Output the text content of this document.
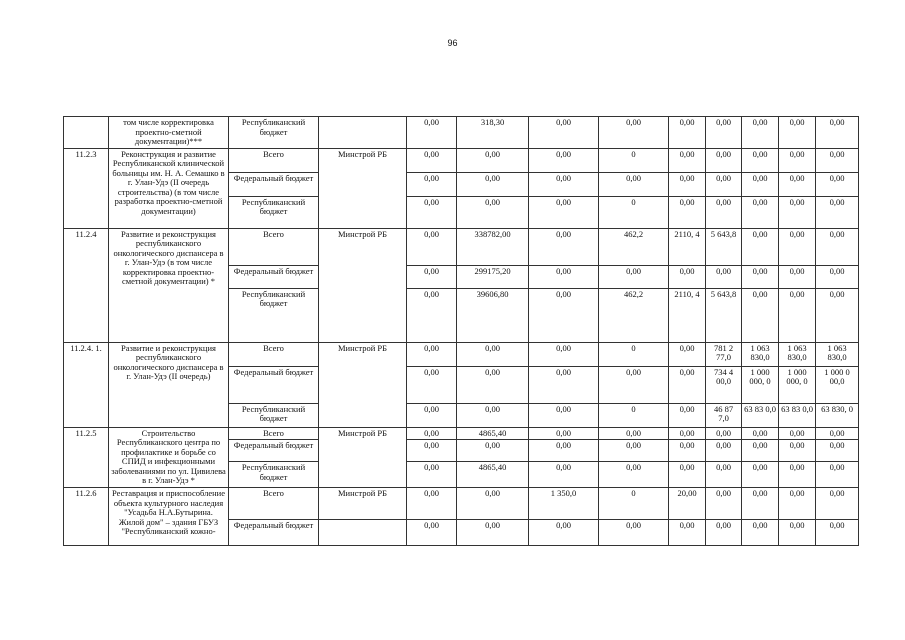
96
	том числе корректировка проектно-сметной документации)***	Республиканский бюджет		0,00	318,30	0,00	0,00	0,00	0,00	0,00	0,00	0,00
11.2.3	Реконструкция и развитие Республиканской клинической больницы им. Н. А. Семашко в г. Улан-Удэ (II очередь строительства) (в том числе разработка проектно-сметной документации)	Всего	Минстрой РБ	0,00	0,00	0,00	0	0,00	0,00	0,00	0,00	0,00
		Федеральный бюджет		0,00	0,00	0,00	0,00	0,00	0,00	0,00	0,00	0,00
		Республиканский бюджет		0,00	0,00	0,00	0	0,00	0,00	0,00	0,00	0,00
11.2.4	Развитие и реконструкция республиканского онкологического диспансера в г. Улан-Удэ (в том числе корректировка проектно-сметной документации) *	Всего	Минстрой РБ	0,00	338782,00	0,00	462,2	2110, 4	5 643,8	0,00	0,00	0,00
		Федеральный бюджет		0,00	299175,20	0,00	0,00	0,00	0,00	0,00	0,00	0,00
		Республиканский бюджет		0,00	39606,80	0,00	462,2	2110, 4	5 643,8	0,00	0,00	0,00
11.2.4. 1.	Развитие и реконструкция республиканского онкологического диспансера в г. Улан-Удэ (II очередь)	Всего	Минстрой РБ	0,00	0,00	0,00	0	0,00	781 2 77,0	1 063 830,0	1 063 830,0	1 063 830,0
		Федеральный бюджет		0,00	0,00	0,00	0,00	0,00	734 4 00,0	1 000 000, 0	1 000 000, 0	1 000 0 00,0
		Республиканский бюджет		0,00	0,00	0,00	0	0,00	46 87 7,0	63 83 0,0	63 83 0,0	63 830, 0
11.2.5	Строительство Республиканского центра по профилактике и борьбе со СПИД и инфекционными заболеваниями по ул. Цивилева в г. Улан-Удэ *	Всего	Минстрой РБ	0,00	4865,40	0,00	0,00	0,00	0,00	0,00	0,00	0,00
		Федеральный бюджет		0,00	0,00	0,00	0,00	0,00	0,00	0,00	0,00	0,00
		Республиканский бюджет		0,00	4865,40	0,00	0,00	0,00	0,00	0,00	0,00	0,00
11.2.6	Реставрация и приспособление объекта культурного наследия "Усадьба Н.А.Бутырина. Жилой дом" – здания ГБУЗ "Республиканский кожно-	Всего	Минстрой РБ	0,00	0,00	1 350,0	0	20,00	0,00	0,00	0,00	0,00
		Федеральный бюджет		0,00	0,00	0,00	0,00	0,00	0,00	0,00	0,00	0,00
